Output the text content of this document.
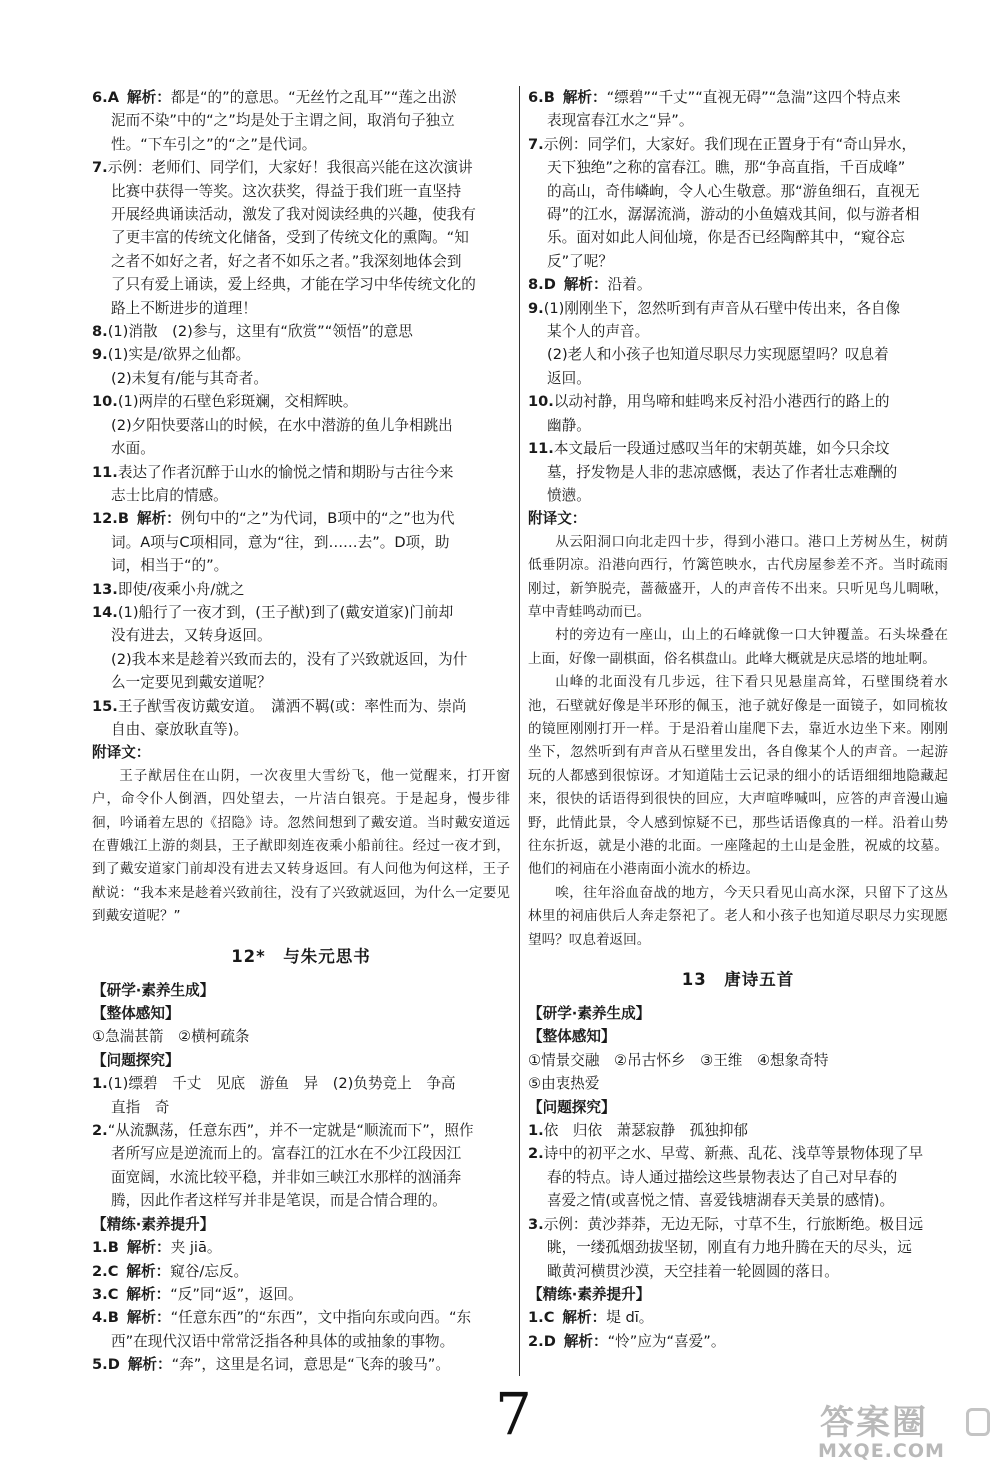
6.A 解析：都是“的”的意思。“无丝竹之乱耳”“莲之出淤

泥而不染”中的“之”均是处于主谓之间，取消句子独立

性。“下车引之”的“之”是代词。

7.示例：老师们、同学们，大家好！我很高兴能在这次演讲

比赛中获得一等奖。这次获奖，得益于我们班一直坚持

开展经典诵读活动，激发了我对阅读经典的兴趣，使我有

了更丰富的传统文化储备，受到了传统文化的熏陶。“知

之者不如好之者，好之者不如乐之者。”我深刻地体会到

了只有爱上诵读，爱上经典，才能在学习中华传统文化的

路上不断进步的道理！

8.(1)消散　(2)参与，这里有“欣赏”“领悟”的意思

9.(1)实是/欲界之仙都。

(2)未复有/能与其奇者。

10.(1)两岸的石壁色彩斑斓，交相辉映。

(2)夕阳快要落山的时候，在水中潜游的鱼儿争相跳出

水面。

11.表达了作者沉醉于山水的愉悦之情和期盼与古往今来

志士比肩的情感。

12.B 解析：例句中的“之”为代词，B项中的“之”也为代

词。A项与C项相同，意为“往，到……去”。D项，助

词，相当于“的”。

13.即使/夜乘小舟/就之

14.(1)船行了一夜才到，(王子猷)到了(戴安道家)门前却

没有进去，又转身返回。

(2)我本来是趁着兴致而去的，没有了兴致就返回，为什

么一定要见到戴安道呢？

15.王子猷雪夜访戴安道。　潇洒不羁(或：率性而为、崇尚

自由、豪放耿直等)。

附译文：

王子猷居住在山阴，一次夜里大雪纷飞，他一觉醒来，打开窗户，命令仆人倒酒，四处望去，一片洁白银亮。于是起身，慢步徘徊，吟诵着左思的《招隐》诗。忽然间想到了戴安道。当时戴安道远在曹娥江上游的剡县，王子猷即刻连夜乘小船前往。经过一夜才到，到了戴安道家门前却没有进去又转身返回。有人问他为何这样，王子猷说：“我本来是趁着兴致前往，没有了兴致就返回，为什么一定要见到戴安道呢？”

12*　与朱元思书

【研学·素养生成】

【整体感知】

①急湍甚箭　②横柯疏条

【问题探究】

1.(1)缥碧　千丈　见底　游鱼　异　(2)负势竞上　争高

直指　奇

2.“从流飘荡，任意东西”，并不一定就是“顺流而下”，照作

者所写应是逆流而上的。富春江的江水在不少江段因江

面宽阔，水流比较平稳，并非如三峡江水那样的汹涌奔

腾，因此作者这样写并非是笔误，而是合情合理的。

【精练·素养提升】

1.B 解析：夹 jiā。

2.C 解析：窥谷/忘反。

3.C 解析：“反”同“返”，返回。

4.B 解析：“任意东西”的“东西”，文中指向东或向西。“东

西”在现代汉语中常常泛指各种具体的或抽象的事物。

5.D 解析：“奔”，这里是名词，意思是“飞奔的骏马”。

6.B 解析：“缥碧”“千丈”“直视无碍”“急湍”这四个特点来

表现富春江水之“异”。

7.示例：同学们，大家好。我们现在正置身于有“奇山异水，

天下独绝”之称的富春江。瞧，那“争高直指，千百成峰”

的高山，奇伟嶙峋，令人心生敬意。那“游鱼细石，直视无

碍”的江水，潺潺流淌，游动的小鱼嬉戏其间，似与游者相

乐。面对如此人间仙境，你是否已经陶醉其中，“窥谷忘

反”了呢？

8.D 解析：沿着。

9.(1)刚刚坐下，忽然听到有声音从石壁中传出来，各自像

某个人的声音。

(2)老人和小孩子也知道尽职尽力实现愿望吗？叹息着

返回。

10.以动衬静，用鸟啼和蛙鸣来反衬沿小港西行的路上的

幽静。

11.本文最后一段通过感叹当年的宋朝英雄，如今只余坟

墓，抒发物是人非的悲凉感慨，表达了作者壮志难酬的

愤懑。

附译文：

从云阳洞口向北走四十步，得到小港口。港口上芳树丛生，树荫低垂阴凉。沿港向西行，竹篱笆映水，古代房屋参差不齐。当时疏雨刚过，新笋脱壳，蔷薇盛开，人的声音传不出来。只听见鸟儿啁啾，草中青蛙鸣动而已。

村的旁边有一座山，山上的石峰就像一口大钟覆盖。石头垛叠在上面，好像一副棋面，俗名棋盘山。此峰大概就是庆忌塔的地址啊。

山峰的北面没有几步远，往下看只见悬崖高耸，石壁围绕着水池，石壁就好像是半环形的佩玉，池子就好像是一面镜子，如同梳妆的镜匣刚刚打开一样。于是沿着山崖爬下去，靠近水边坐下来。刚刚坐下，忽然听到有声音从石壁里发出，各自像某个人的声音。一起游玩的人都感到很惊讶。才知道陆士云记录的细小的话语细细地隐藏起来，很快的话语得到很快的回应，大声喧哗喊叫，应答的声音漫山遍野，此情此景，令人感到惊疑不已，那些话语像真的一样。沿着山势往东折返，就是小港的北面。一座隆起的土山是金胜，祝威的坟墓。他们的祠庙在小港南面小流水的桥边。

唉，往年浴血奋战的地方，今天只看见山高水深，只留下了这丛林里的祠庙供后人奔走祭祀了。老人和小孩子也知道尽职尽力实现愿望吗？叹息着返回。

13　唐诗五首

【研学·素养生成】

【整体感知】

①情景交融　②吊古怀乡　③王维　④想象奇特

⑤由衷热爱

【问题探究】

1.依　归依　萧瑟寂静　孤独抑郁

2.诗中的初平之水、早莺、新燕、乱花、浅草等景物体现了早

春的特点。诗人通过描绘这些景物表达了自己对早春的

喜爱之情(或喜悦之情、喜爱钱塘湖春天美景的感情)。

3.示例：黄沙莽莽，无边无际，寸草不生，行旅断绝。极目远

眺，一缕孤烟劲拔坚韧，刚直有力地升腾在天的尽头，远

瞰黄河横贯沙漠，天空挂着一轮圆圆的落日。

【精练·素养提升】

1.C 解析：堤 dī。

2.D 解析：“怜”应为“喜爱”。

7	答案圈
MXQE.COM
